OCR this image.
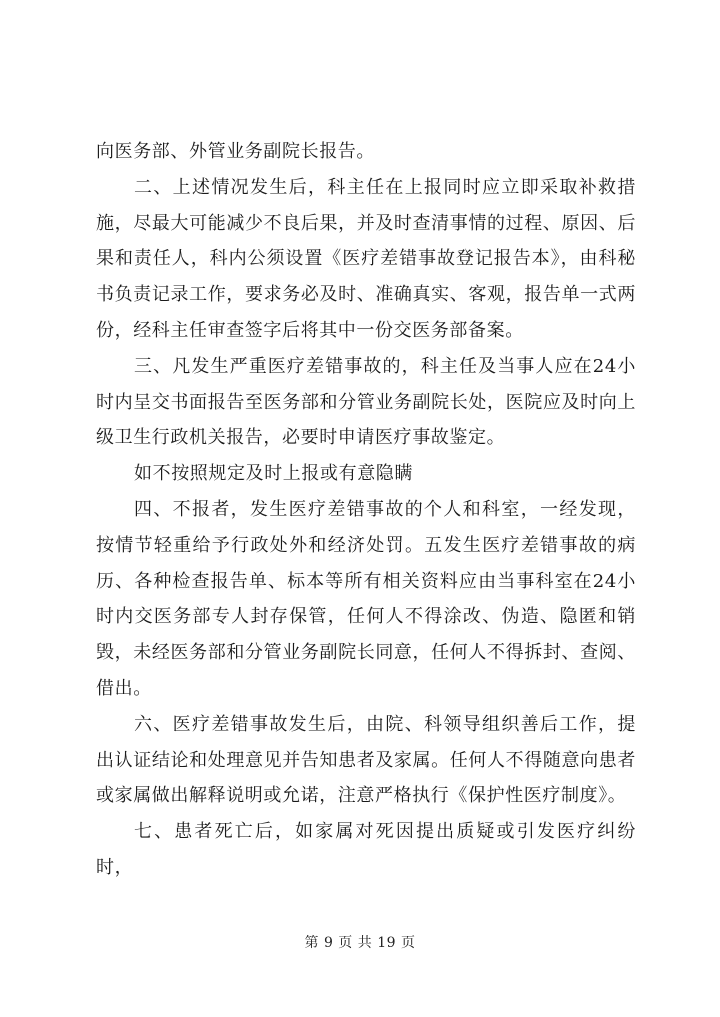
向医务部、外管业务副院长报告。

二、上述情况发生后，科主任在上报同时应立即采取补救措施，尽最大可能减少不良后果，并及时查清事情的过程、原因、后果和责任人，科内公须设置《医疗差错事故登记报告本》，由科秘书负责记录工作，要求务必及时、准确真实、客观，报告单一式两份，经科主任审查签字后将其中一份交医务部备案。

三、凡发生严重医疗差错事故的，科主任及当事人应在24小时内呈交书面报告至医务部和分管业务副院长处，医院应及时向上级卫生行政机关报告，必要时申请医疗事故鉴定。

如不按照规定及时上报或有意隐瞒

四、不报者，发生医疗差错事故的个人和科室，一经发现，按情节轻重给予行政处外和经济处罚。五发生医疗差错事故的病历、各种检查报告单、标本等所有相关资料应由当事科室在24小时内交医务部专人封存保管，任何人不得涂改、伪造、隐匿和销毁，未经医务部和分管业务副院长同意，任何人不得拆封、查阅、借出。

六、医疗差错事故发生后，由院、科领导组织善后工作，提出认证结论和处理意见并告知患者及家属。任何人不得随意向患者或家属做出解释说明或允诺，注意严格执行《保护性医疗制度》。

七、患者死亡后，如家属对死因提出质疑或引发医疗纠纷时，

第 9 页 共 19 页
